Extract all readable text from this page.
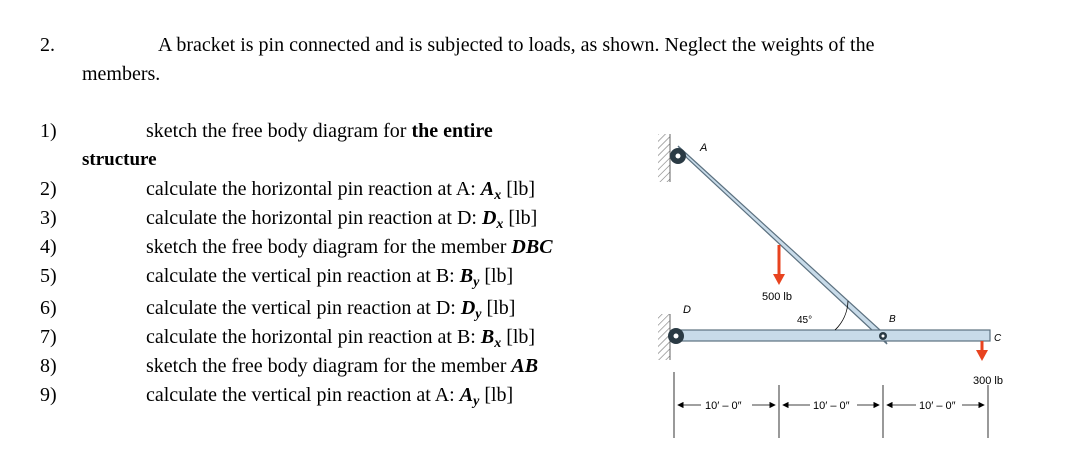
2.	A bracket is pin connected and is subjected to loads, as shown. Neglect the weights of the
members.
1)	sketch the free body diagram for the entire
structure
2)	calculate the horizontal pin reaction at A: $A_x$ [lb]
3)	calculate the horizontal pin reaction at D: $D_x$ [lb]
4)	sketch the free body diagram for the member DBC
5)	calculate the vertical pin reaction at B: $B_y$ [lb]
6)	calculate the vertical pin reaction at D: $D_y$ [lb]
7)	calculate the horizontal pin reaction at B: $B_x$ [lb]
8)	sketch the free body diagram for the member AB
9)	calculate the vertical pin reaction at A: $A_y$ [lb]
A
D
B
C
500 lb
300 lb
45°
10′ – 0″	10′ – 0″	10′ – 0″
